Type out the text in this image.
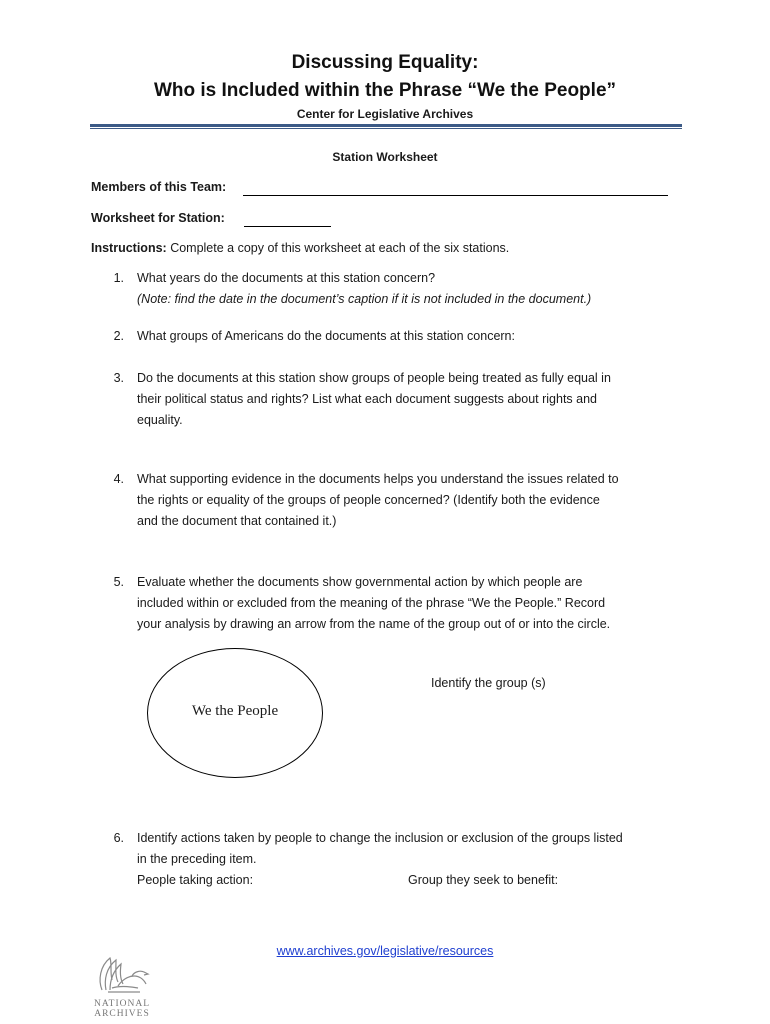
Discussing Equality:
Who is Included within the Phrase “We the People”
Center for Legislative Archives
Station Worksheet
Members of this Team:
Worksheet for Station:
Instructions: Complete a copy of this worksheet at each of the six stations.
1. What years do the documents at this station concern?
(Note: find the date in the document’s caption if it is not included in the document.)
2. What groups of Americans do the documents at this station concern:
3. Do the documents at this station show groups of people being treated as fully equal in
their political status and rights? List what each document suggests about rights and
equality.
4. What supporting evidence in the documents helps you understand the issues related to
the rights or equality of the groups of people concerned? (Identify both the evidence
and the document that contained it.)
5. Evaluate whether the documents show governmental action by which people are
included within or excluded from the meaning of the phrase “We the People.” Record
your analysis by drawing an arrow from the name of the group out of or into the circle.
We the People
Identify the group (s)
6. Identify actions taken by people to change the inclusion or exclusion of the groups listed
in the preceding item.
People taking action:	Group they seek to benefit:
www.archives.gov/legislative/resources
NATIONAL
ARCHIVES
